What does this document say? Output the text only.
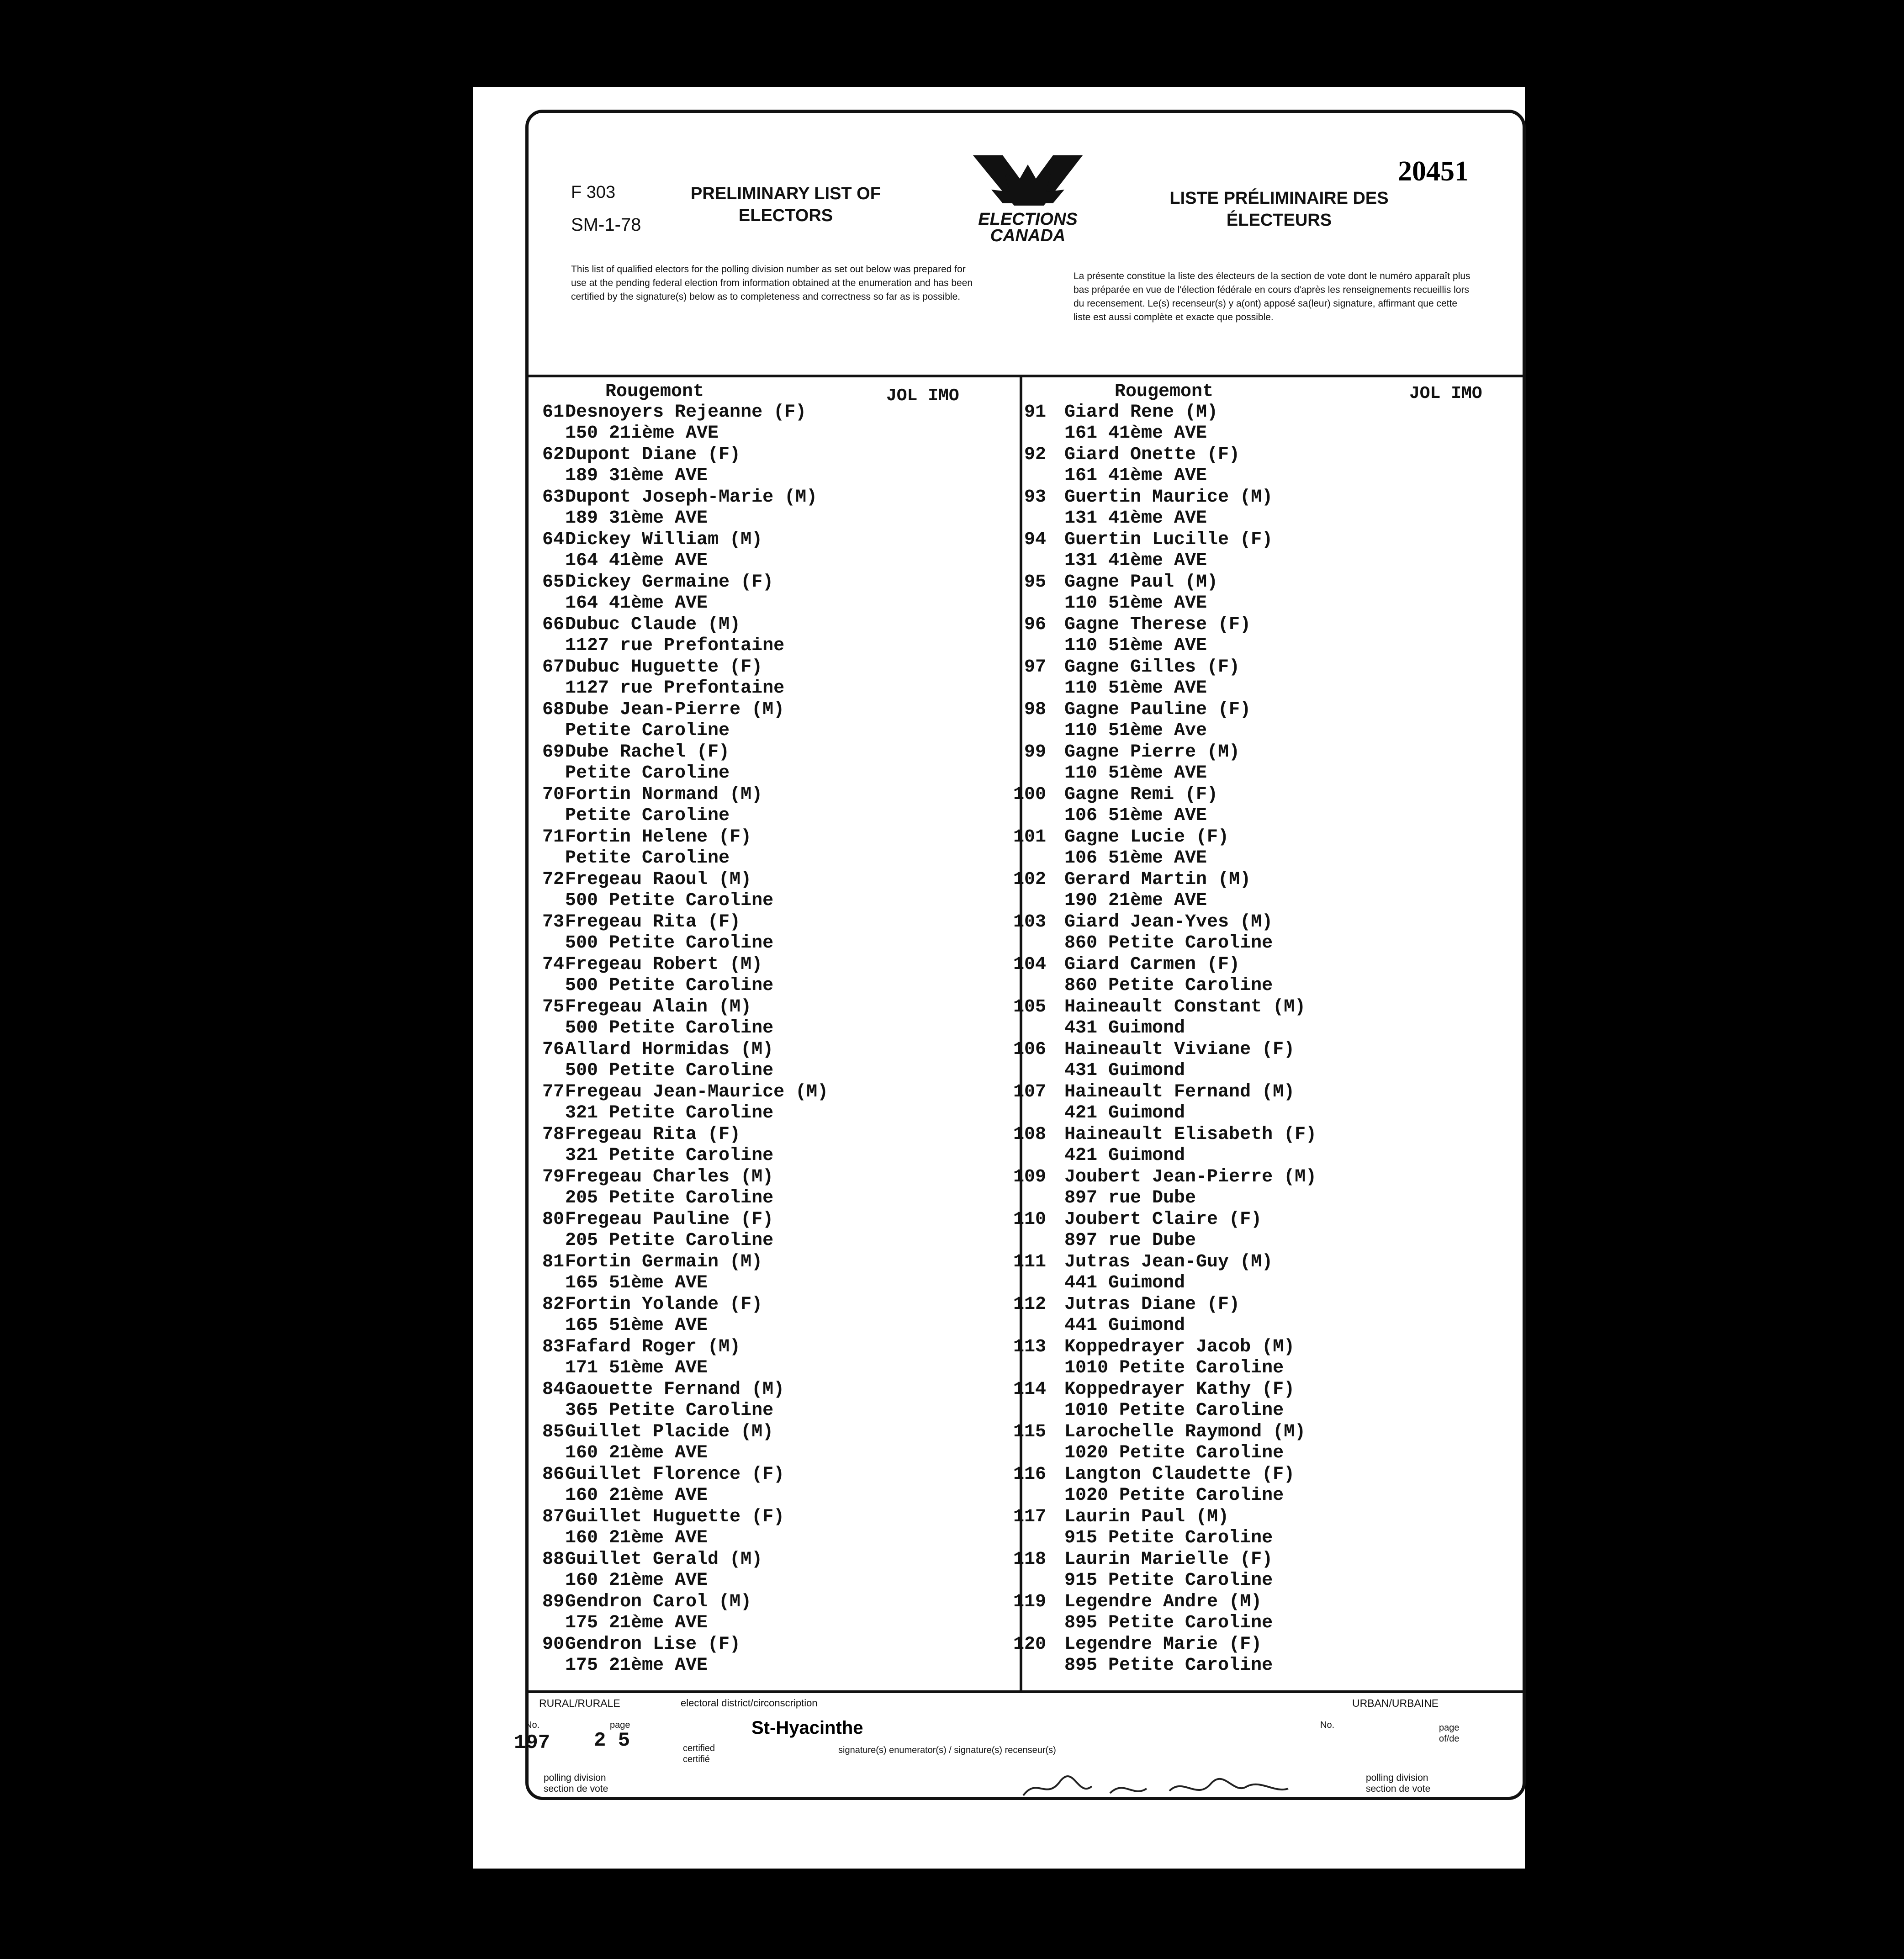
F 303
SM-1-78
PRELIMINARY LIST OF
ELECTORS	ELECTIONS
CANADA
20451
LISTE PRÉLIMINAIRE DES
ÉLECTEURS
This list of qualified electors for the polling division number as set out below was prepared for use at the pending federal election from information obtained at the enumeration and has been certified by the signature(s) below as to completeness and correctness so far as is possible.
La présente constitue la liste des électeurs de la section de vote dont le numéro apparaît plus bas préparée en vue de l'élection fédérale en cours d'après les renseignements recueillis lors du recensement. Le(s) recenseur(s) y a(ont) apposé sa(leur) signature, affirmant que cette liste est aussi complète et exacte que possible.
Rougemont	JOL IMO	Rougemont	JOL IMO
61 Desnoyers Rejeanne (F)
150 21ième AVE
62 Dupont Diane (F)
189 31ème AVE
63 Dupont Joseph-Marie (M)
189 31ème AVE
64 Dickey William (M)
164 41ème AVE
65 Dickey Germaine (F)
164 41ème AVE
66 Dubuc Claude (M)
1127 rue Prefontaine
67 Dubuc Huguette (F)
1127 rue Prefontaine
68 Dube Jean-Pierre (M)
Petite Caroline
69 Dube Rachel (F)
Petite Caroline
70 Fortin Normand (M)
Petite Caroline
71 Fortin Helene (F)
Petite Caroline
72 Fregeau Raoul (M)
500 Petite Caroline
73 Fregeau Rita (F)
500 Petite Caroline
74 Fregeau Robert (M)
500 Petite Caroline
75 Fregeau Alain (M)
500 Petite Caroline
76 Allard Hormidas (M)
500 Petite Caroline
77 Fregeau Jean-Maurice (M)
321 Petite Caroline
78 Fregeau Rita (F)
321 Petite Caroline
79 Fregeau Charles (M)
205 Petite Caroline
80 Fregeau Pauline (F)
205 Petite Caroline
81 Fortin Germain (M)
165 51ème AVE
82 Fortin Yolande (F)
165 51ème AVE
83 Fafard Roger (M)
171 51ème AVE
84 Gaouette Fernand (M)
365 Petite Caroline
85 Guillet Placide (M)
160 21ème AVE
86 Guillet Florence (F)
160 21ème AVE
87 Guillet Huguette (F)
160 21ème AVE
88 Guillet Gerald (M)
160 21ème AVE
89 Gendron Carol (M)
175 21ème AVE
90 Gendron Lise (F)
175 21ème AVE
91 Giard Rene (M)
161 41ème AVE
92 Giard Onette (F)
161 41ème AVE
93 Guertin Maurice (M)
131 41ème AVE
94 Guertin Lucille (F)
131 41ème AVE
95 Gagne Paul (M)
110 51ème AVE
96 Gagne Therese (F)
110 51ème AVE
97 Gagne Gilles (F)
110 51ème AVE
98 Gagne Pauline (F)
110 51ème Ave
99 Gagne Pierre (M)
110 51ème AVE
100 Gagne Remi (F)
106 51ème AVE
101 Gagne Lucie (F)
106 51ème AVE
102 Gerard Martin (M)
190 21ème AVE
103 Giard Jean-Yves (M)
860 Petite Caroline
104 Giard Carmen (F)
860 Petite Caroline
105 Haineault Constant (M)
431 Guimond
106 Haineault Viviane (F)
431 Guimond
107 Haineault Fernand (M)
421 Guimond
108 Haineault Elisabeth (F)
421 Guimond
109 Joubert Jean-Pierre (M)
897 rue Dube
110 Joubert Claire (F)
897 rue Dube
111 Jutras Jean-Guy (M)
441 Guimond
112 Jutras Diane (F)
441 Guimond
113 Koppedrayer Jacob (M)
1010 Petite Caroline
114 Koppedrayer Kathy (F)
1010 Petite Caroline
115 Larochelle Raymond (M)
1020 Petite Caroline
116 Langton Claudette (F)
1020 Petite Caroline
117 Laurin Paul (M)
915 Petite Caroline
118 Laurin Marielle (F)
915 Petite Caroline
119 Legendre Andre (M)
895 Petite Caroline
120 Legendre Marie (F)
895 Petite Caroline
RURAL/RURALE	electoral district/circonscription	URBAN/URBAINE
No.	page
197 2 5	certified
certifié
St-Hyacinthe
signature(s) enumerator(s) / signature(s) recenseur(s)
No.	page
of/de
polling division
section de vote
polling division
section de vote
